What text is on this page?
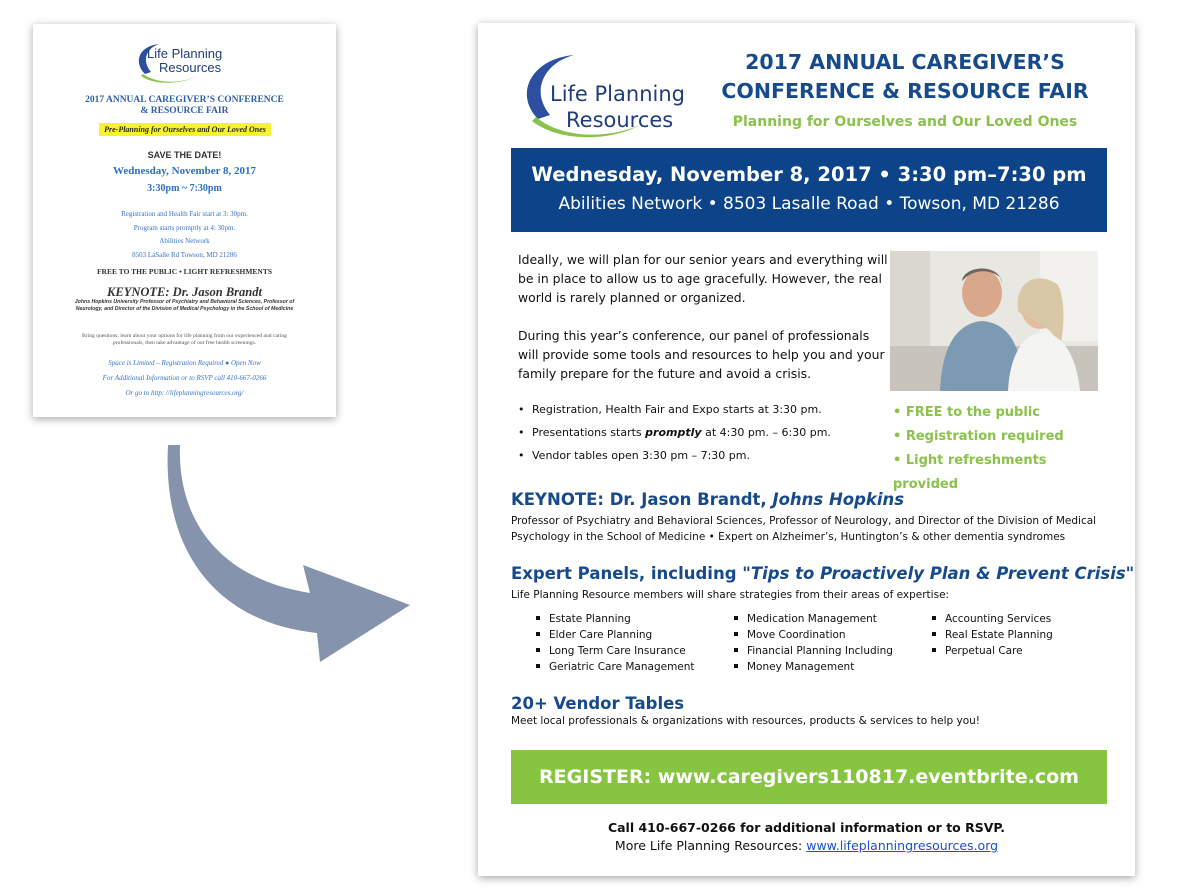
Life Planning
Resources
2017 ANNUAL CAREGIVER’S CONFERENCE
& RESOURCE FAIR
Pre-Planning for Ourselves and Our Loved Ones
SAVE THE DATE!
Wednesday, November 8, 2017
3:30pm ~ 7:30pm
Registration and Health Fair start at 3: 30pm.
Program starts promptly at 4: 30pm.
Abilities Network
8503 LaSalle Rd Towson, MD 21286
FREE TO THE PUBLIC • LIGHT REFRESHMENTS
KEYNOTE: Dr. Jason Brandt
Johns Hopkins University Professor of Psychiatry and Behavioral Sciences, Professor of Neurology, and Director of the Division of Medical Psychology in the School of Medicine
Bring questions; learn about your options for life planning from our experienced and caring professionals, then take advantage of our free health screenings.
Space is Limited – Registration Required ● Open Now
For Additional Information or to RSVP call 410-667-0266
Or go to http: //lifeplanningresources.org/
Life Planning
Resources
2017 ANNUAL CAREGIVER’S
CONFERENCE & RESOURCE FAIR
Planning for Ourselves and Our Loved Ones
Wednesday, November 8, 2017 • 3:30 pm–7:30 pm
Abilities Network • 8503 Lasalle Road • Towson, MD 21286

Ideally, we will plan for our senior years and everything will be in place to allow us to age gracefully. However, the real world is rarely planned or organized.

During this year’s conference, our panel of professionals will provide some tools and resources to help you and your family prepare for the future and avoid a crisis.

• Registration, Health Fair and Expo starts at 3:30 pm.
• Presentations starts promptly at 4:30 pm. – 6:30 pm.
• Vendor tables open 3:30 pm – 7:30 pm.
• FREE to the public
• Registration required
• Light refreshments provided
KEYNOTE: Dr. Jason Brandt, Johns Hopkins
Professor of Psychiatry and Behavioral Sciences, Professor of Neurology, and Director of the Division of Medical Psychology in the School of Medicine • Expert on Alzheimer’s, Huntington’s & other dementia syndromes
Expert Panels, including "Tips to Proactively Plan & Prevent Crisis"
Life Planning Resource members will share strategies from their areas of expertise:
Estate Planning
Elder Care Planning
Long Term Care Insurance
Geriatric Care Management
Medication Management
Move Coordination
Financial Planning Including
Money Management
Accounting Services
Real Estate Planning
Perpetual Care
20+ Vendor Tables
Meet local professionals & organizations with resources, products & services to help you!
REGISTER: www.caregivers110817.eventbrite.com
Call 410-667-0266 for additional information or to RSVP.
More Life Planning Resources: www.lifeplanningresources.org
